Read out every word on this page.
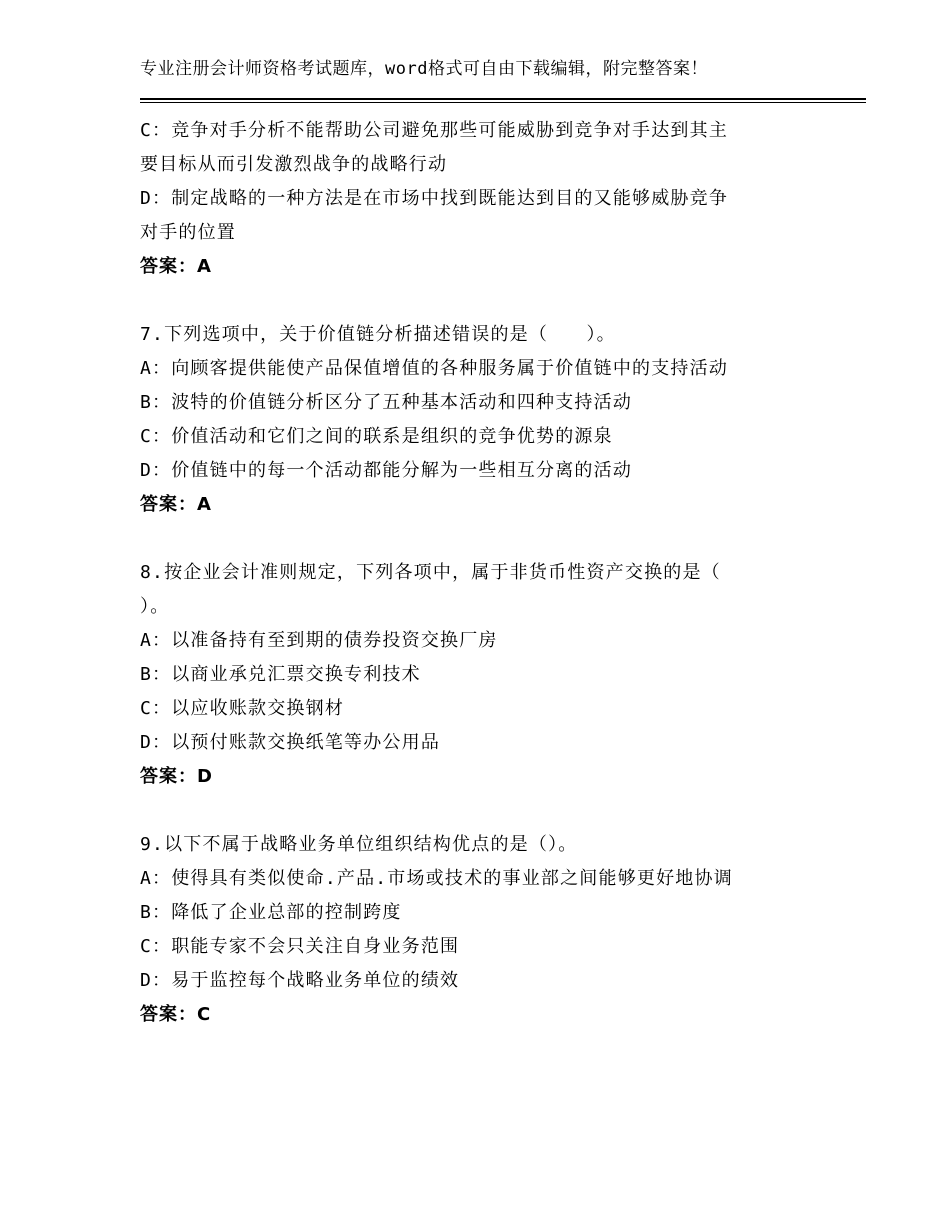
专业注册会计师资格考试题库，word格式可自由下载编辑，附完整答案！
C：竞争对手分析不能帮助公司避免那些可能威胁到竞争对手达到其主
要目标从而引发激烈战争的战略行动
D：制定战略的一种方法是在市场中找到既能达到目的又能够威胁竞争
对手的位置
答案：A
7.下列选项中，关于价值链分析描述错误的是（　　）。
A：向顾客提供能使产品保值增值的各种服务属于价值链中的支持活动
B：波特的价值链分析区分了五种基本活动和四种支持活动
C：价值活动和它们之间的联系是组织的竞争优势的源泉
D：价值链中的每一个活动都能分解为一些相互分离的活动
答案：A
8.按企业会计准则规定，下列各项中，属于非货币性资产交换的是（
）。
A：以准备持有至到期的债券投资交换厂房
B：以商业承兑汇票交换专利技术
C：以应收账款交换钢材
D：以预付账款交换纸笔等办公用品
答案：D
9.以下不属于战略业务单位组织结构优点的是（）。
A：使得具有类似使命.产品.市场或技术的事业部之间能够更好地协调
B：降低了企业总部的控制跨度
C：职能专家不会只关注自身业务范围
D：易于监控每个战略业务单位的绩效
答案：C
